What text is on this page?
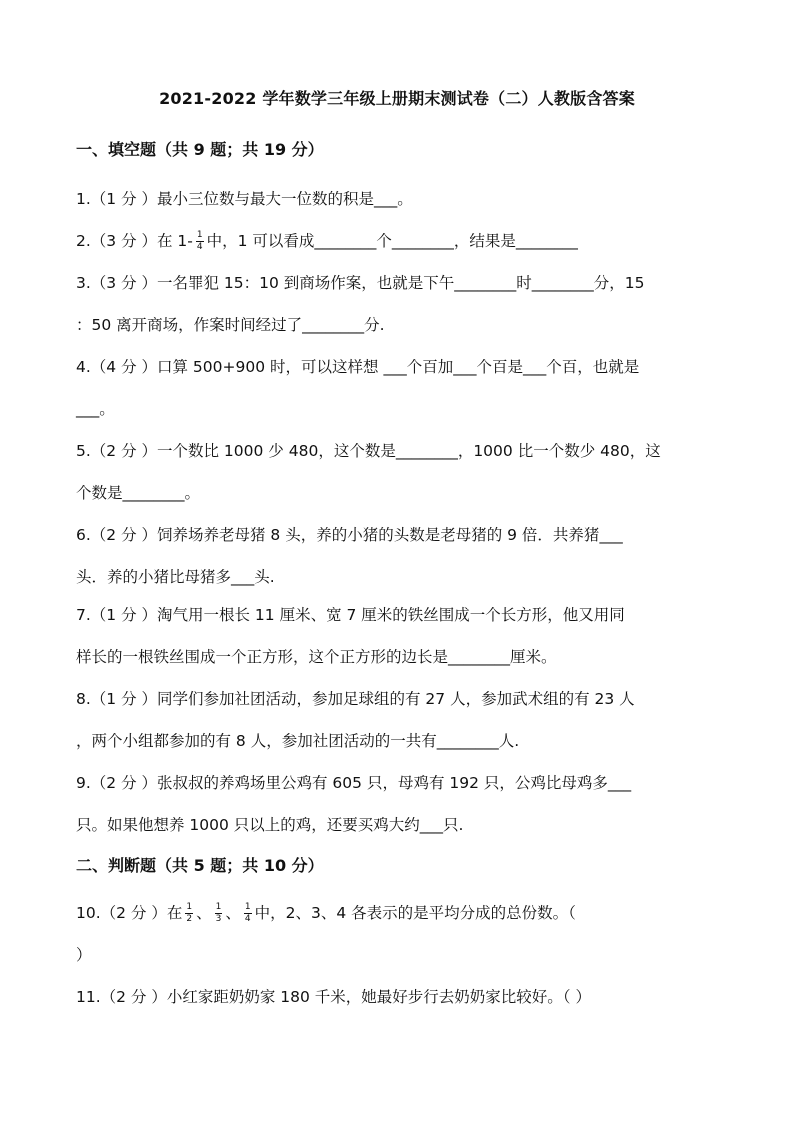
2021-2022 学年数学三年级上册期末测试卷（二）人教版含答案
一、填空题（共 9 题；共 19 分）
1.（1 分 ）最小三位数与最大一位数的积是___。
2.（3 分 ）在 $1- \frac{1}{4}$ 中，1 可以看成________个________，结果是________
3.（3 分 ）一名罪犯 15：10 到商场作案，也就是下午________时________分，15
：50 离开商场，作案时间经过了________分.
4.（4 分 ）口算 500+900 时，可以这样想 ___个百加___个百是___个百，也就是
___。
5.（2 分 ）一个数比 1000 少 480，这个数是________，1000 比一个数少 480，这
个数是________。
6.（2 分 ）饲养场养老母猪 8 头，养的小猪的头数是老母猪的 9 倍．共养猪___
头．养的小猪比母猪多___头.
7.（1 分 ）淘气用一根长 11 厘米、宽 7 厘米的铁丝围成一个长方形，他又用同
样长的一根铁丝围成一个正方形，这个正方形的边长是________厘米。
8.（1 分 ）同学们参加社团活动，参加足球组的有 27 人，参加武术组的有 23 人
，两个小组都参加的有 8 人，参加社团活动的一共有________人.
9.（2 分 ）张叔叔的养鸡场里公鸡有 605 只，母鸡有 192 只，公鸡比母鸡多___
只。如果他想养 1000 只以上的鸡，还要买鸡大约___只.
二、判断题（共 5 题；共 10 分）
10.（2 分 ）在 $\frac{1}{2}$ 、 $\frac{1}{3}$ 、 $\frac{1}{4}$ 中，2、3、4 各表示的是平均分成的总份数。（
）
11.（2 分 ）小红家距奶奶家 180 千米，她最好步行去奶奶家比较好。（ ）
